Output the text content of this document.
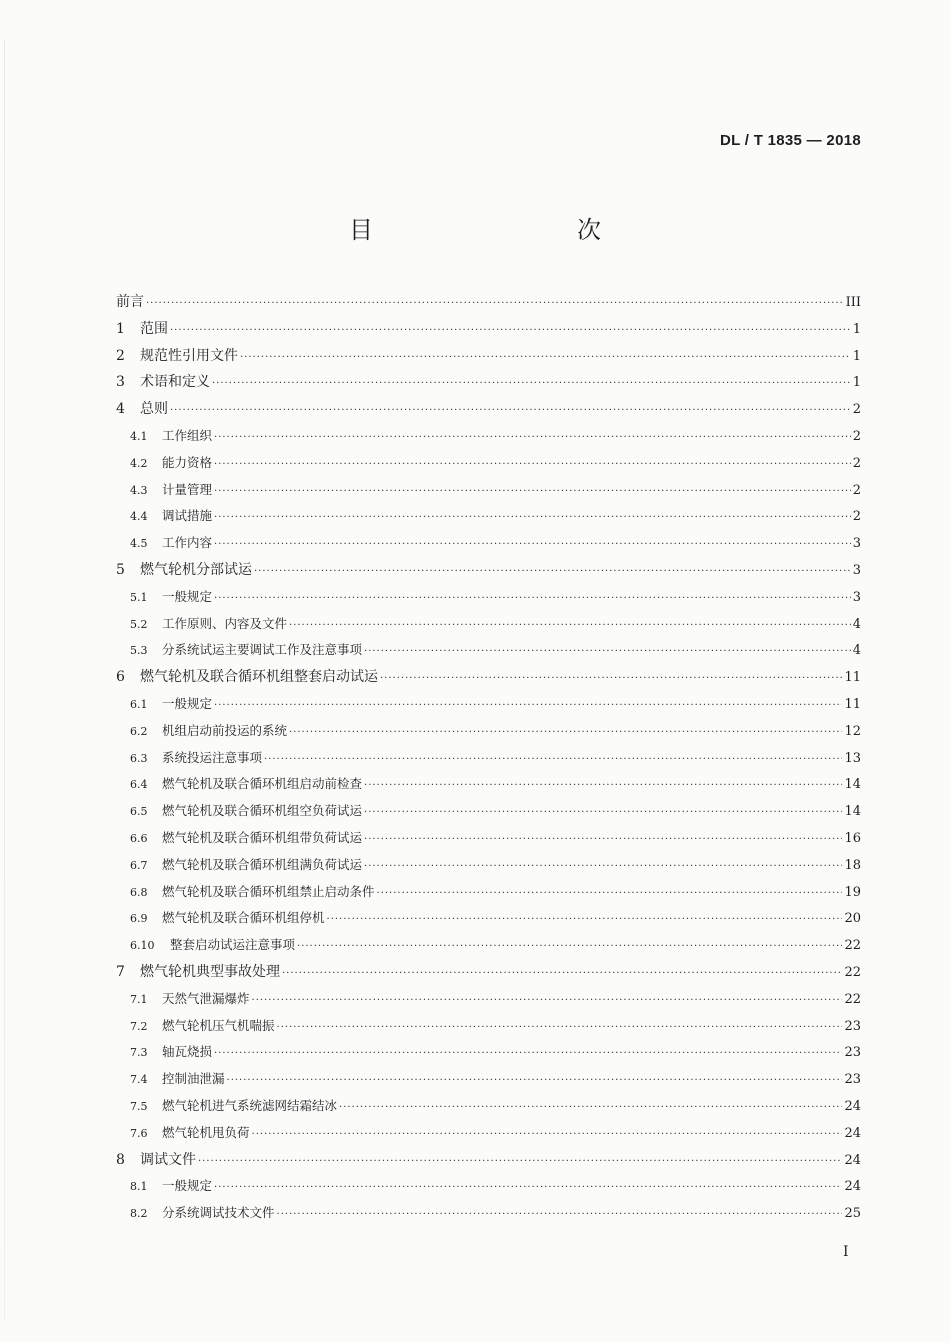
DL / T 1835 — 2018
目　　次
前言 ·····	III
1	范围 ·····	1
2	规范性引用文件 ·····	1
3	术语和定义 ·····	1
4	总则 ·····	2
4.1	工作组织 ·····	2
4.2	能力资格 ·····	2
4.3	计量管理 ·····	2
4.4	调试措施 ·····	2
4.5	工作内容 ·····	3
5	燃气轮机分部试运 ·····	3
5.1	一般规定 ·····	3
5.2	工作原则、内容及文件 ·····	4
5.3	分系统试运主要调试工作及注意事项 ·····	4
6	燃气轮机及联合循环机组整套启动试运 ·····	11
6.1	一般规定 ·····	11
6.2	机组启动前投运的系统 ·····	12
6.3	系统投运注意事项 ·····	13
6.4	燃气轮机及联合循环机组启动前检查 ·····	14
6.5	燃气轮机及联合循环机组空负荷试运 ·····	14
6.6	燃气轮机及联合循环机组带负荷试运 ·····	16
6.7	燃气轮机及联合循环机组满负荷试运 ·····	18
6.8	燃气轮机及联合循环机组禁止启动条件 ·····	19
6.9	燃气轮机及联合循环机组停机 ·····	20
6.10	整套启动试运注意事项 ·····	22
7	燃气轮机典型事故处理 ·····	22
7.1	天然气泄漏爆炸 ·····	22
7.2	燃气轮机压气机喘振 ·····	23
7.3	轴瓦烧损 ·····	23
7.4	控制油泄漏 ·····	23
7.5	燃气轮机进气系统滤网结霜结冰 ·····	24
7.6	燃气轮机甩负荷 ·····	24
8	调试文件 ·····	24
8.1	一般规定 ·····	24
8.2	分系统调试技术文件 ·····	25
I
